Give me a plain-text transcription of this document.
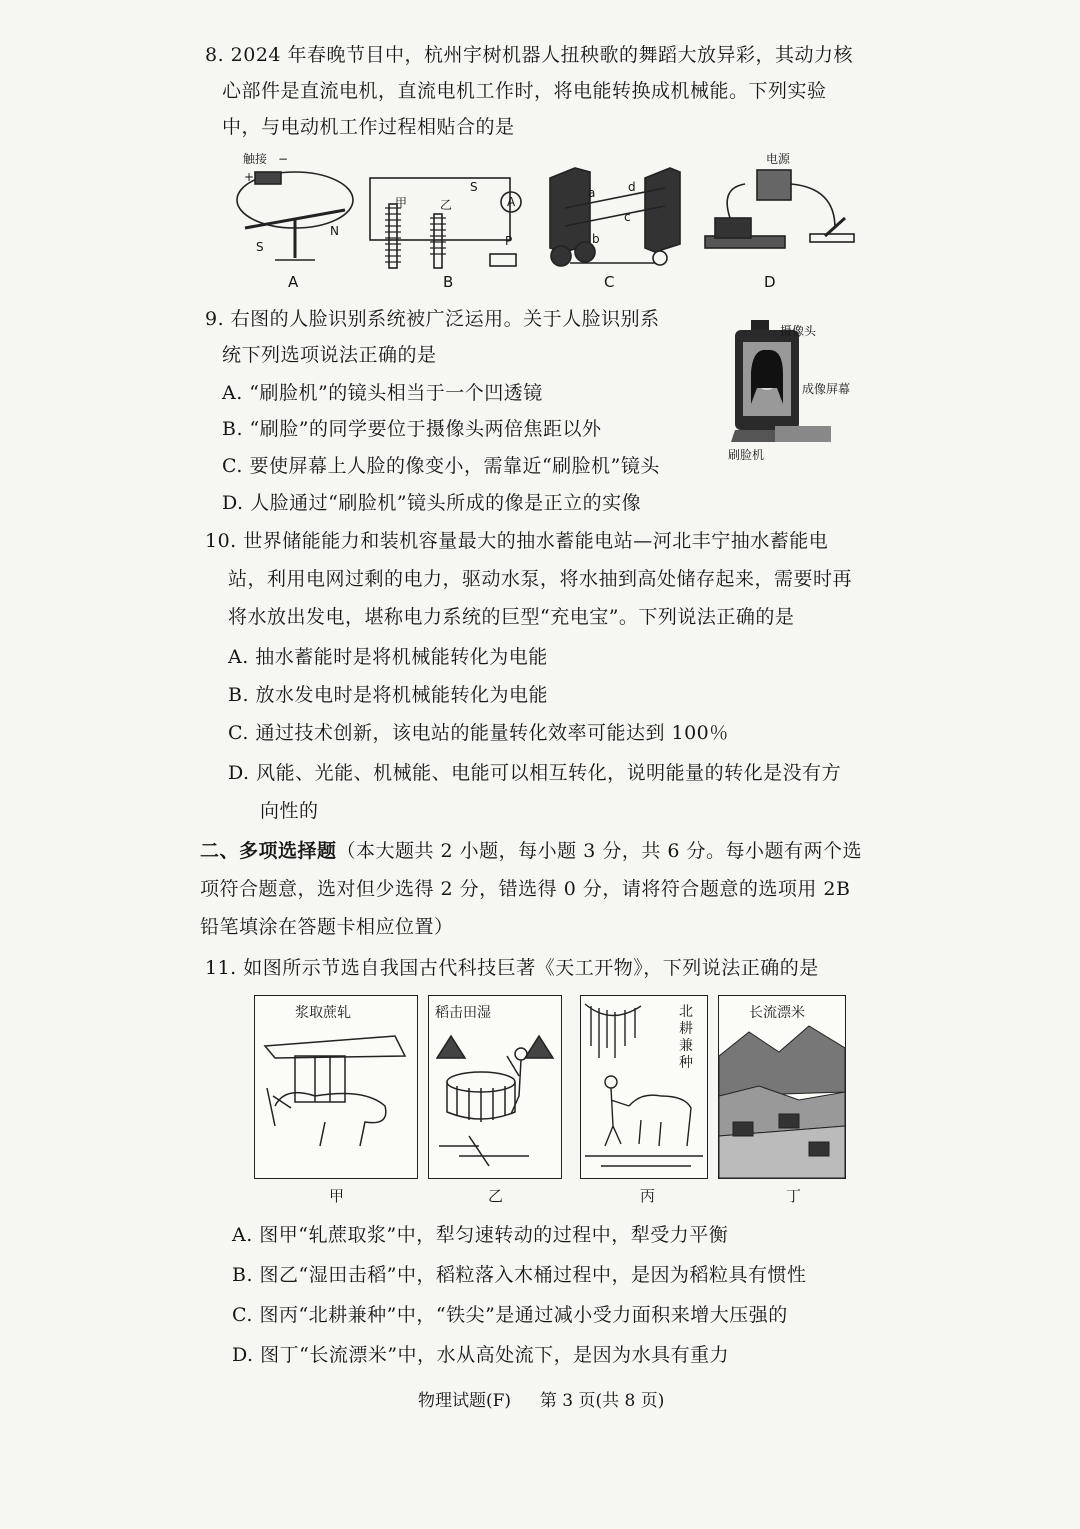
8. 2024 年春晚节目中，杭州宇树机器人扭秧歌的舞蹈大放异彩，其动力核
心部件是直流电机，直流电机工作时，将电能转换成机械能。下列实验
中，与电动机工作过程相贴合的是
触接 −
+
S
N
甲	乙
S
A
P
a
b
c
d
电源
A	B	C	D
9. 右图的人脸识别系统被广泛运用。关于人脸识别系
统下列选项说法正确的是
A. “刷脸机”的镜头相当于一个凹透镜
B. “刷脸”的同学要位于摄像头两倍焦距以外
C. 要使屏幕上人脸的像变小，需靠近“刷脸机”镜头
D. 人脸通过“刷脸机”镜头所成的像是正立的实像
摄像头
成像屏幕
刷脸机
10. 世界储能能力和装机容量最大的抽水蓄能电站—河北丰宁抽水蓄能电
站，利用电网过剩的电力，驱动水泵，将水抽到高处储存起来，需要时再
将水放出发电，堪称电力系统的巨型“充电宝”。下列说法正确的是
A. 抽水蓄能时是将机械能转化为电能
B. 放水发电时是将机械能转化为电能
C. 通过技术创新，该电站的能量转化效率可能达到 100％
D. 风能、光能、机械能、电能可以相互转化，说明能量的转化是没有方
向性的
二、多项选择题（本大题共 2 小题，每小题 3 分，共 6 分。每小题有两个选
项符合题意，选对但少选得 2 分，错选得 0 分，请将符合题意的选项用 2B
铅笔填涂在答题卡相应位置）
11. 如图所示节选自我国古代科技巨著《天工开物》，下列说法正确的是
浆取蔗轧
甲
稻击田湿
乙
北耕兼种
丙
长流漂米
丁
A. 图甲“轧蔗取浆”中，犁匀速转动的过程中，犁受力平衡
B. 图乙“湿田击稻”中，稻粒落入木桶过程中，是因为稻粒具有惯性
C. 图丙“北耕兼种”中，“铁尖”是通过减小受力面积来增大压强的
D. 图丁“长流漂米”中，水从高处流下，是因为水具有重力
物理试题(F) 第 3 页(共 8 页)
